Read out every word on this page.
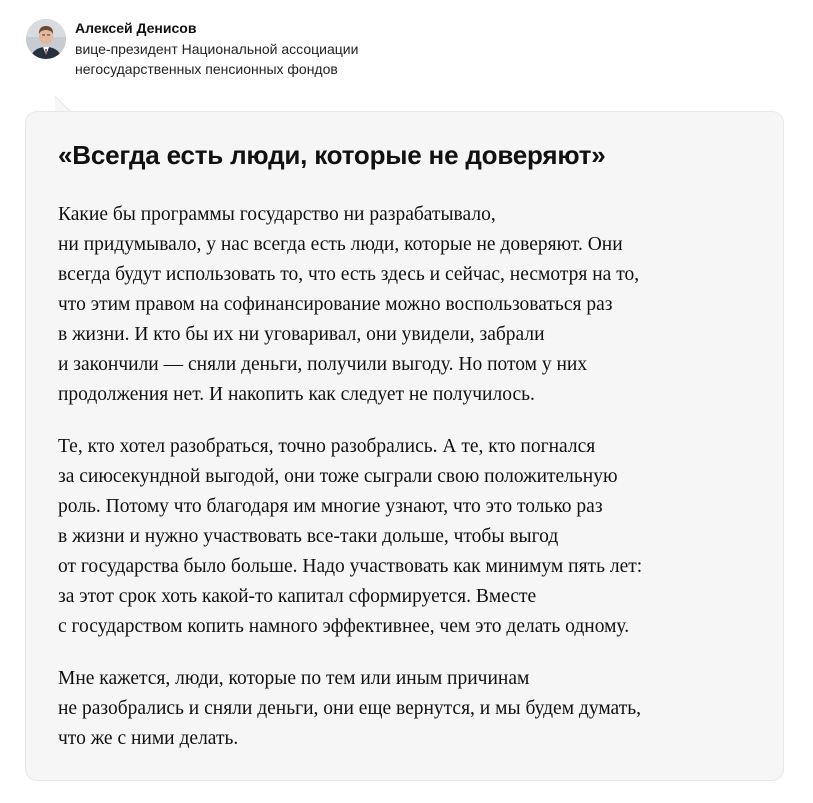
Алексей Денисов
вице-президент Национальной ассоциации
негосударственных пенсионных фондов
«Всегда есть люди, которые не доверяют»

Какие бы программы государство ни разрабатывало,
ни придумывало, у нас всегда есть люди, которые не доверяют. Они
всегда будут использовать то, что есть здесь и сейчас, несмотря на то,
что этим правом на софинансирование можно воспользоваться раз
в жизни. И кто бы их ни уговаривал, они увидели, забрали
и закончили — сняли деньги, получили выгоду. Но потом у них
продолжения нет. И накопить как следует не получилось.

Те, кто хотел разобраться, точно разобрались. А те, кто погнался
за сиюсекундной выгодой, они тоже сыграли свою положительную
роль. Потому что благодаря им многие узнают, что это только раз
в жизни и нужно участвовать все-таки дольше, чтобы выгод
от государства было больше. Надо участвовать как минимум пять лет:
за этот срок хоть какой-то капитал сформируется. Вместе
с государством копить намного эффективнее, чем это делать одному.

Мне кажется, люди, которые по тем или иным причинам
не разобрались и сняли деньги, они еще вернутся, и мы будем думать,
что же с ними делать.
